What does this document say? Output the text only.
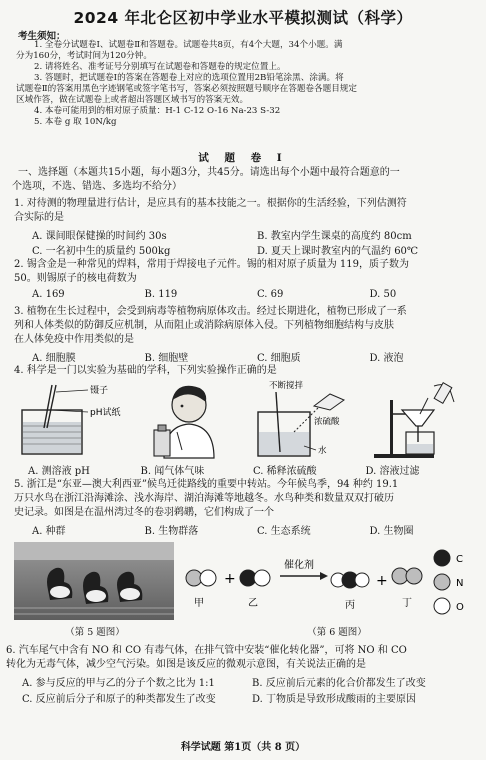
2024 年北仑区初中学业水平模拟测试（科学）
考生须知：
1. 全卷分试题卷Ⅰ、试题卷Ⅱ和答题卷。试题卷共8页，有4个大题，34个小题。满
分为160分，考试时间为120分钟。
2. 请将姓名、准考证号分别填写在试题卷和答题卷的规定位置上。
3. 答题时，把试题卷Ⅰ的答案在答题卷上对应的选项位置用2B铅笔涂黑、涂满。将
试题卷Ⅱ的答案用黑色字迹钢笔或签字笔书写，答案必须按照题号顺序在答题卷各题目规定
区域作答，做在试题卷上或者超出答题区域书写的答案无效。
4. 本卷可能用到的相对原子质量：H-1 C-12 O-16 Na-23 S-32
5. 本卷 g 取 10N/kg
试 题 卷 Ⅰ
一、选择题（本题共15小题，每小题3分，共45分。请选出每个小题中最符合题意的一
个选项，不选、错选、多选均不给分）
1. 对待测的物理量进行估计，是应具有的基本技能之一。根据你的生活经验，下列估测符
合实际的是
A. 课间眼保健操的时间约 30s	B. 教室内学生课桌的高度约 80cm
C. 一名初中生的质量约 500kg	D. 夏天上课时教室内的气温约 60℃
2. 锡含金是一种常见的焊料，常用于焊接电子元件。锡的相对原子质量为 119，质子数为
50。则锡原子的核电荷数为
A. 169	B. 119	C. 69	D. 50
3. 植物在生长过程中，会受到病毒等植物病原体攻击。经过长期进化，植物已形成了一系
列和人体类似的防御反应机制，从而阻止或消除病原体入侵。下列植物细胞结构与皮肤
在人体免疫中作用类似的是
A. 细胞膜	B. 细胞壁	C. 细胞质	D. 液泡
4. 科学是一门以实验为基础的学科，下列实验操作正确的是
镊子
pH试纸
不断搅拌
浓硫酸
水
A. 测溶液 pH	B. 闻气体气味	C. 稀释浓硫酸	D. 溶液过滤
5. 浙江是“东亚—澳大利西亚”候鸟迁徙路线的重要中转站。今年候鸟季，94 种约 19.1
万只水鸟在浙江沿海滩涂、浅水海岸、湖泊海滩等地越冬。水鸟种类和数量双双打破历
史记录。如图是在温州湾过冬的卷羽鹈鹕，它们构成了一个
A. 种群	B. 生物群落	C. 生态系统	D. 生物圈
（第 5 题图）
甲
+
乙
催化剂
丙
+
丁
C
N
O
（第 6 题图）
6. 汽车尾气中含有 NO 和 CO 有毒气体，在排气管中安装“催化转化器”，可将 NO 和 CO
转化为无毒气体，减少空气污染。如图是该反应的微观示意图，有关说法正确的是
A. 参与反应的甲与乙的分子个数之比为 1:1	B. 反应前后元素的化合价都发生了改变
C. 反应前后分子和原子的种类都发生了改变	D. 丁物质是导致形成酸雨的主要原因
科学试题 第1页（共 8 页）
